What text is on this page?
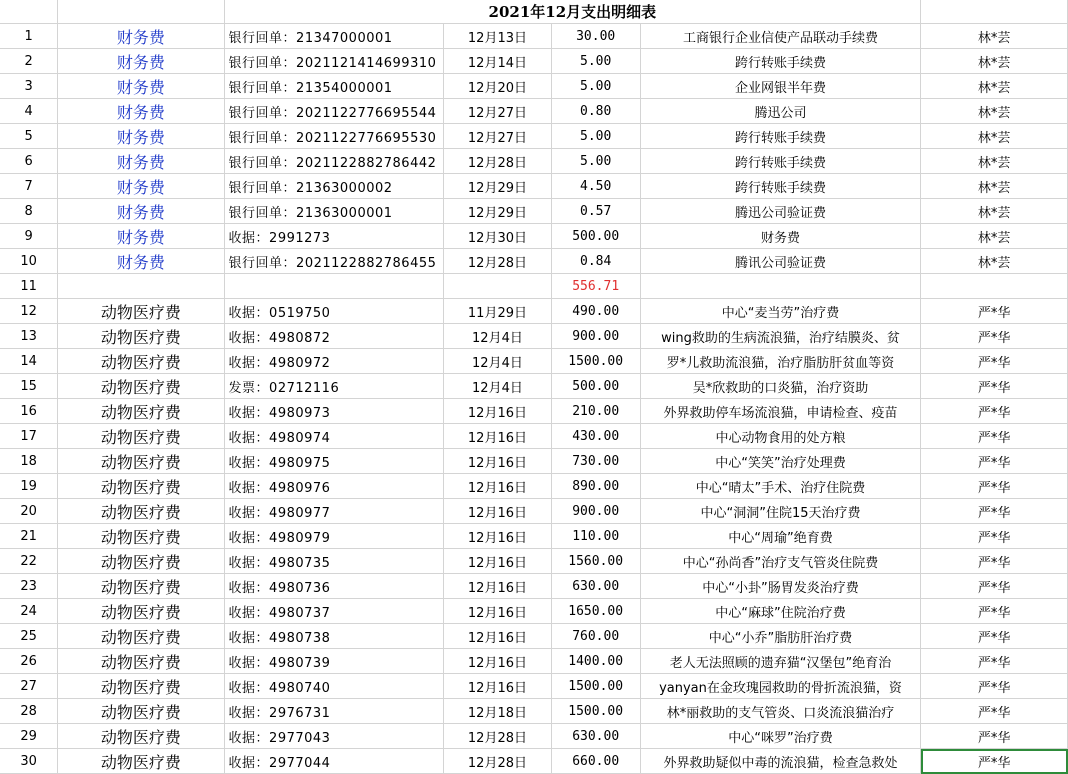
		2021年12月支出明细表				
1	财务费	银行回单：21347000001	12月13日	30.00	工商银行企业信使产品联动手续费	林*芸
2	财务费	银行回单：2021121414699310	12月14日	5.00	跨行转账手续费	林*芸
3	财务费	银行回单：21354000001	12月20日	5.00	企业网银半年费	林*芸
4	财务费	银行回单：2021122776695544	12月27日	0.80	腾迅公司	林*芸
5	财务费	银行回单：2021122776695530	12月27日	5.00	跨行转账手续费	林*芸
6	财务费	银行回单：2021122882786442	12月28日	5.00	跨行转账手续费	林*芸
7	财务费	银行回单：21363000002	12月29日	4.50	跨行转账手续费	林*芸
8	财务费	银行回单：21363000001	12月29日	0.57	腾迅公司验证费	林*芸
9	财务费	收据：2991273	12月30日	500.00	财务费	林*芸
10	财务费	银行回单：2021122882786455	12月28日	0.84	腾讯公司验证费	林*芸
11				556.71		
12	动物医疗费	收据：0519750	11月29日	490.00	中心“麦当劳”治疗费	严*华
13	动物医疗费	收据：4980872	12月4日	900.00	wing救助的生病流浪猫，治疗结膜炎、贫	严*华
14	动物医疗费	收据：4980972	12月4日	1500.00	罗*儿救助流浪猫，治疗脂肪肝贫血等资	严*华
15	动物医疗费	发票：02712116	12月4日	500.00	吴*欣救助的口炎猫，治疗资助	严*华
16	动物医疗费	收据：4980973	12月16日	210.00	外界救助停车场流浪猫，申请检查、疫苗	严*华
17	动物医疗费	收据：4980974	12月16日	430.00	中心动物食用的处方粮	严*华
18	动物医疗费	收据：4980975	12月16日	730.00	中心“笑笑”治疗处理费	严*华
19	动物医疗费	收据：4980976	12月16日	890.00	中心“晴太”手术、治疗住院费	严*华
20	动物医疗费	收据：4980977	12月16日	900.00	中心“洞洞”住院15天治疗费	严*华
21	动物医疗费	收据：4980979	12月16日	110.00	中心“周瑜”绝育费	严*华
22	动物医疗费	收据：4980735	12月16日	1560.00	中心“孙尚香”治疗支气管炎住院费	严*华
23	动物医疗费	收据：4980736	12月16日	630.00	中心“小卦”肠胃发炎治疗费	严*华
24	动物医疗费	收据：4980737	12月16日	1650.00	中心“麻球”住院治疗费	严*华
25	动物医疗费	收据：4980738	12月16日	760.00	中心“小乔”脂肪肝治疗费	严*华
26	动物医疗费	收据：4980739	12月16日	1400.00	老人无法照顾的遗弃猫“汉堡包”绝育治	严*华
27	动物医疗费	收据：4980740	12月16日	1500.00	yanyan在金玫瑰园救助的骨折流浪猫，资	严*华
28	动物医疗费	收据：2976731	12月18日	1500.00	林*丽救助的支气管炎、口炎流浪猫治疗	严*华
29	动物医疗费	收据：2977043	12月28日	630.00	中心“咪罗”治疗费	严*华
30	动物医疗费	收据：2977044	12月28日	660.00	外界救助疑似中毒的流浪猫，检查急救处	严*华
